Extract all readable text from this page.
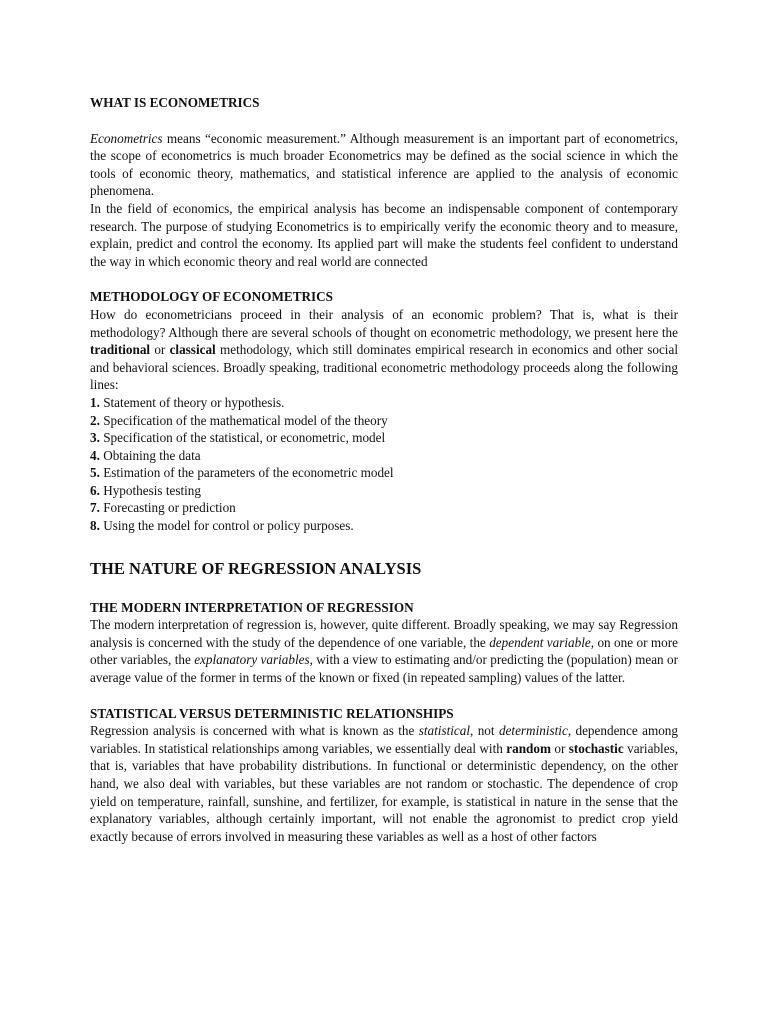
WHAT IS ECONOMETRICS

Econometrics means “economic measurement.” Although measurement is an important part of econometrics, the scope of econometrics is much broader Econometrics may be defined as the social science in which the tools of economic theory, mathematics, and statistical inference are applied to the analysis of economic phenomena.

In the field of economics, the empirical analysis has become an indispensable component of contemporary research. The purpose of studying Econometrics is to empirically verify the economic theory and to measure, explain, predict and control the economy. Its applied part will make the students feel confident to understand the way in which economic theory and real world are connected

METHODOLOGY OF ECONOMETRICS

How do econometricians proceed in their analysis of an economic problem? That is, what is their methodology? Although there are several schools of thought on econometric methodology, we present here the traditional or classical methodology, which still dominates empirical research in economics and other social and behavioral sciences. Broadly speaking, traditional econometric methodology proceeds along the following lines:

1. Statement of theory or hypothesis.
2. Specification of the mathematical model of the theory
3. Specification of the statistical, or econometric, model
4. Obtaining the data
5. Estimation of the parameters of the econometric model
6. Hypothesis testing
7. Forecasting or prediction
8. Using the model for control or policy purposes.
THE NATURE OF REGRESSION ANALYSIS
THE MODERN INTERPRETATION OF REGRESSION

The modern interpretation of regression is, however, quite different. Broadly speaking, we may say Regression analysis is concerned with the study of the dependence of one variable, the dependent variable, on one or more other variables, the explanatory variables, with a view to estimating and/or predicting the (population) mean or average value of the former in terms of the known or fixed (in repeated sampling) values of the latter.

STATISTICAL VERSUS DETERMINISTIC RELATIONSHIPS

Regression analysis is concerned with what is known as the statistical, not deterministic, dependence among variables. In statistical relationships among variables, we essentially deal with random or stochastic variables, that is, variables that have probability distributions. In functional or deterministic dependency, on the other hand, we also deal with variables, but these variables are not random or stochastic. The dependence of crop yield on temperature, rainfall, sunshine, and fertilizer, for example, is statistical in nature in the sense that the explanatory variables, although certainly important, will not enable the agronomist to predict crop yield exactly because of errors involved in measuring these variables as well as a host of other factors
